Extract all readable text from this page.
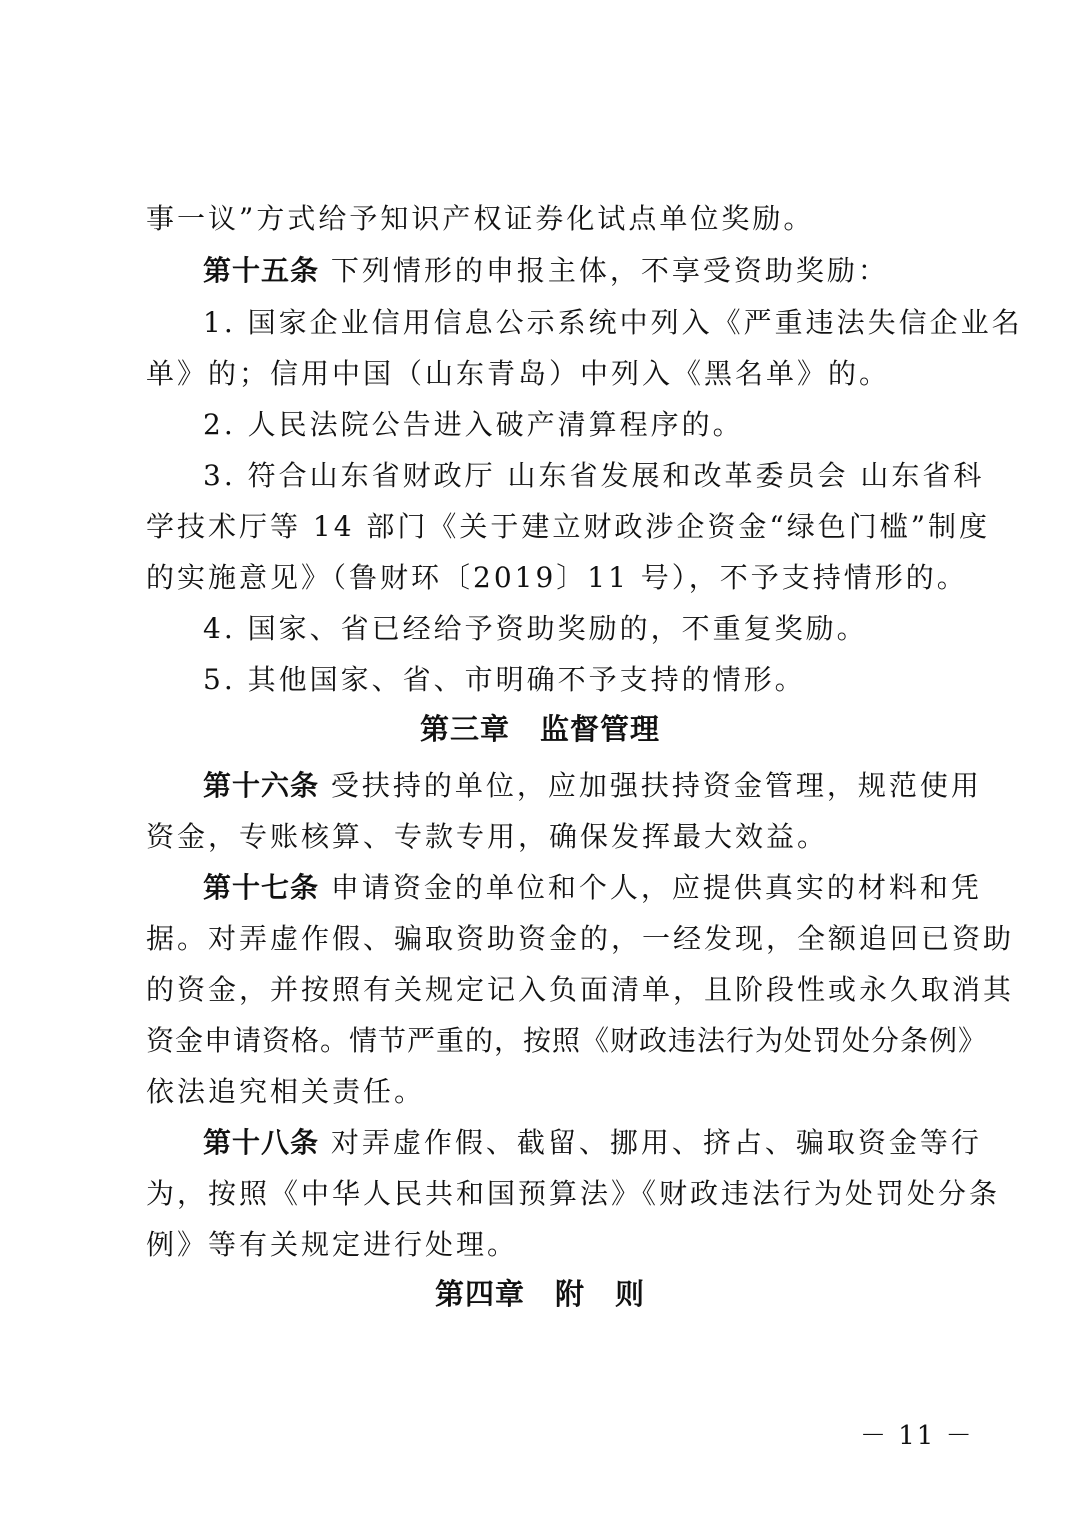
事一议”方式给予知识产权证券化试点单位奖励。
第十五条 下列情形的申报主体，不享受资助奖励：
1. 国家企业信用信息公示系统中列入《严重违法失信企业名
单》的；信用中国（山东青岛）中列入《黑名单》的。
2. 人民法院公告进入破产清算程序的。
3. 符合山东省财政厅 山东省发展和改革委员会 山东省科
学技术厅等 14 部门《关于建立财政涉企资金“绿色门槛”制度
的实施意见》（鲁财环〔2019〕11 号），不予支持情形的。
4. 国家、省已经给予资助奖励的，不重复奖励。
5. 其他国家、省、市明确不予支持的情形。
第三章　监督管理
第十六条 受扶持的单位，应加强扶持资金管理，规范使用
资金，专账核算、专款专用，确保发挥最大效益。
第十七条 申请资金的单位和个人，应提供真实的材料和凭
据。对弄虚作假、骗取资助资金的，一经发现，全额追回已资助
的资金，并按照有关规定记入负面清单，且阶段性或永久取消其
资金申请资格。情节严重的，按照《财政违法行为处罚处分条例》
依法追究相关责任。
第十八条 对弄虚作假、截留、挪用、挤占、骗取资金等行
为，按照《中华人民共和国预算法》《财政违法行为处罚处分条
例》等有关规定进行处理。
第四章　附　则
－ 11 －
